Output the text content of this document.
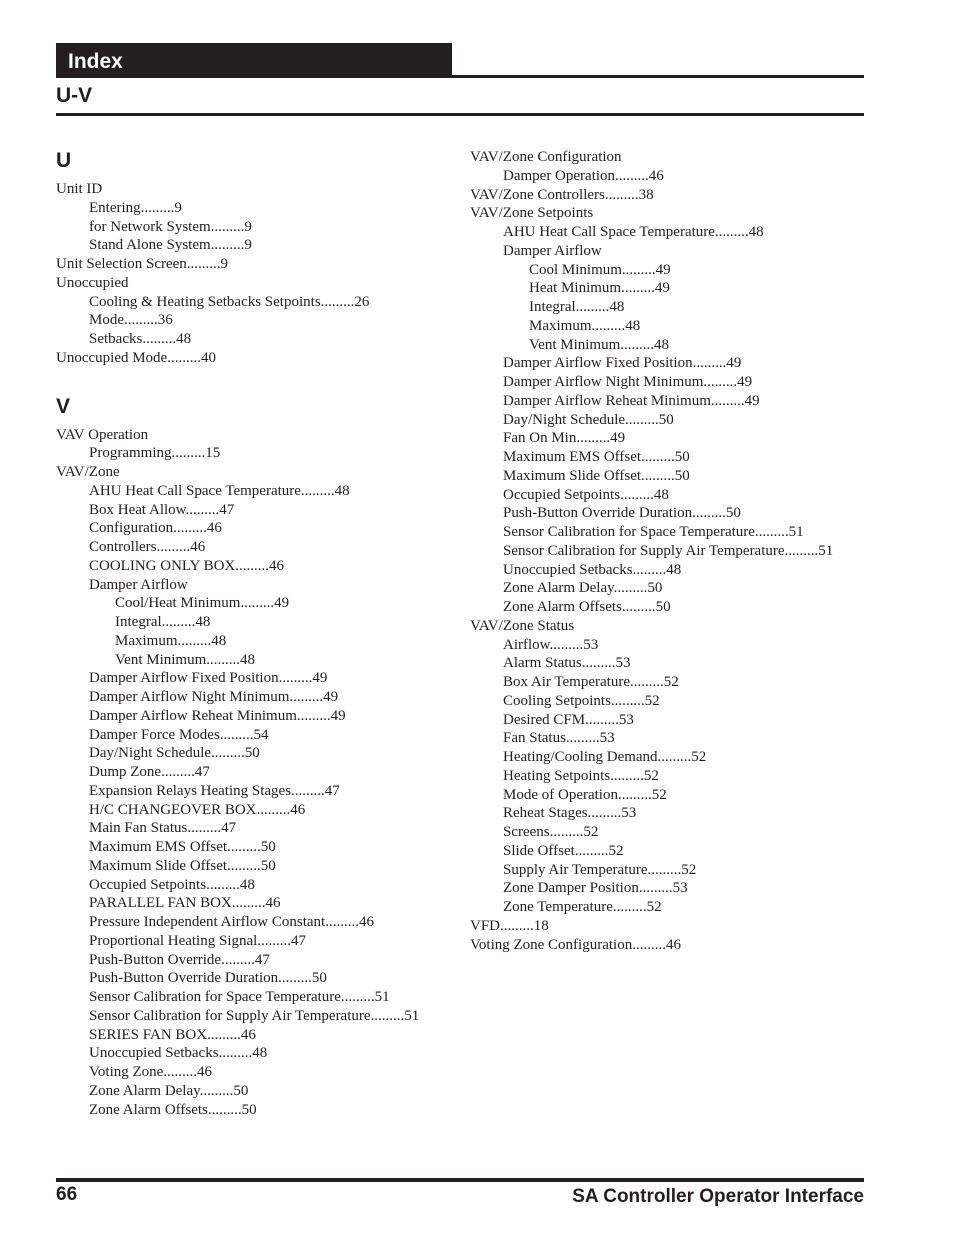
Index
U-V
U
Unit ID
Entering.........9
for Network System.........9
Stand Alone System.........9
Unit Selection Screen.........9
Unoccupied
Cooling & Heating Setbacks Setpoints.........26
Mode.........36
Setbacks.........48
Unoccupied Mode.........40
V
VAV Operation
Programming.........15
VAV/Zone
AHU Heat Call Space Temperature.........48
Box Heat Allow.........47
Configuration.........46
Controllers.........46
COOLING ONLY BOX.........46
Damper Airflow
Cool/Heat Minimum.........49
Integral.........48
Maximum.........48
Vent Minimum.........48
Damper Airflow Fixed Position.........49
Damper Airflow Night Minimum.........49
Damper Airflow Reheat Minimum.........49
Damper Force Modes.........54
Day/Night Schedule.........50
Dump Zone.........47
Expansion Relays Heating Stages.........47
H/C CHANGEOVER BOX.........46
Main Fan Status.........47
Maximum EMS Offset.........50
Maximum Slide Offset.........50
Occupied Setpoints.........48
PARALLEL FAN BOX.........46
Pressure Independent Airflow Constant.........46
Proportional Heating Signal.........47
Push-Button Override.........47
Push-Button Override Duration.........50
Sensor Calibration for Space Temperature.........51
Sensor Calibration for Supply Air Temperature.........51
SERIES FAN BOX.........46
Unoccupied Setbacks.........48
Voting Zone.........46
Zone Alarm Delay.........50
Zone Alarm Offsets.........50
VAV/Zone Configuration
Damper Operation.........46
VAV/Zone Controllers.........38
VAV/Zone Setpoints
AHU Heat Call Space Temperature.........48
Damper Airflow
Cool Minimum.........49
Heat Minimum.........49
Integral.........48
Maximum.........48
Vent Minimum.........48
Damper Airflow Fixed Position.........49
Damper Airflow Night Minimum.........49
Damper Airflow Reheat Minimum.........49
Day/Night Schedule.........50
Fan On Min.........49
Maximum EMS Offset.........50
Maximum Slide Offset.........50
Occupied Setpoints.........48
Push-Button Override Duration.........50
Sensor Calibration for Space Temperature.........51
Sensor Calibration for Supply Air Temperature.........51
Unoccupied Setbacks.........48
Zone Alarm Delay.........50
Zone Alarm Offsets.........50
VAV/Zone Status
Airflow.........53
Alarm Status.........53
Box Air Temperature.........52
Cooling Setpoints.........52
Desired CFM.........53
Fan Status.........53
Heating/Cooling Demand.........52
Heating Setpoints.........52
Mode of Operation.........52
Reheat Stages.........53
Screens.........52
Slide Offset.........52
Supply Air Temperature.........52
Zone Damper Position.........53
Zone Temperature.........52
VFD.........18
Voting Zone Configuration.........46
66	SA Controller Operator Interface
